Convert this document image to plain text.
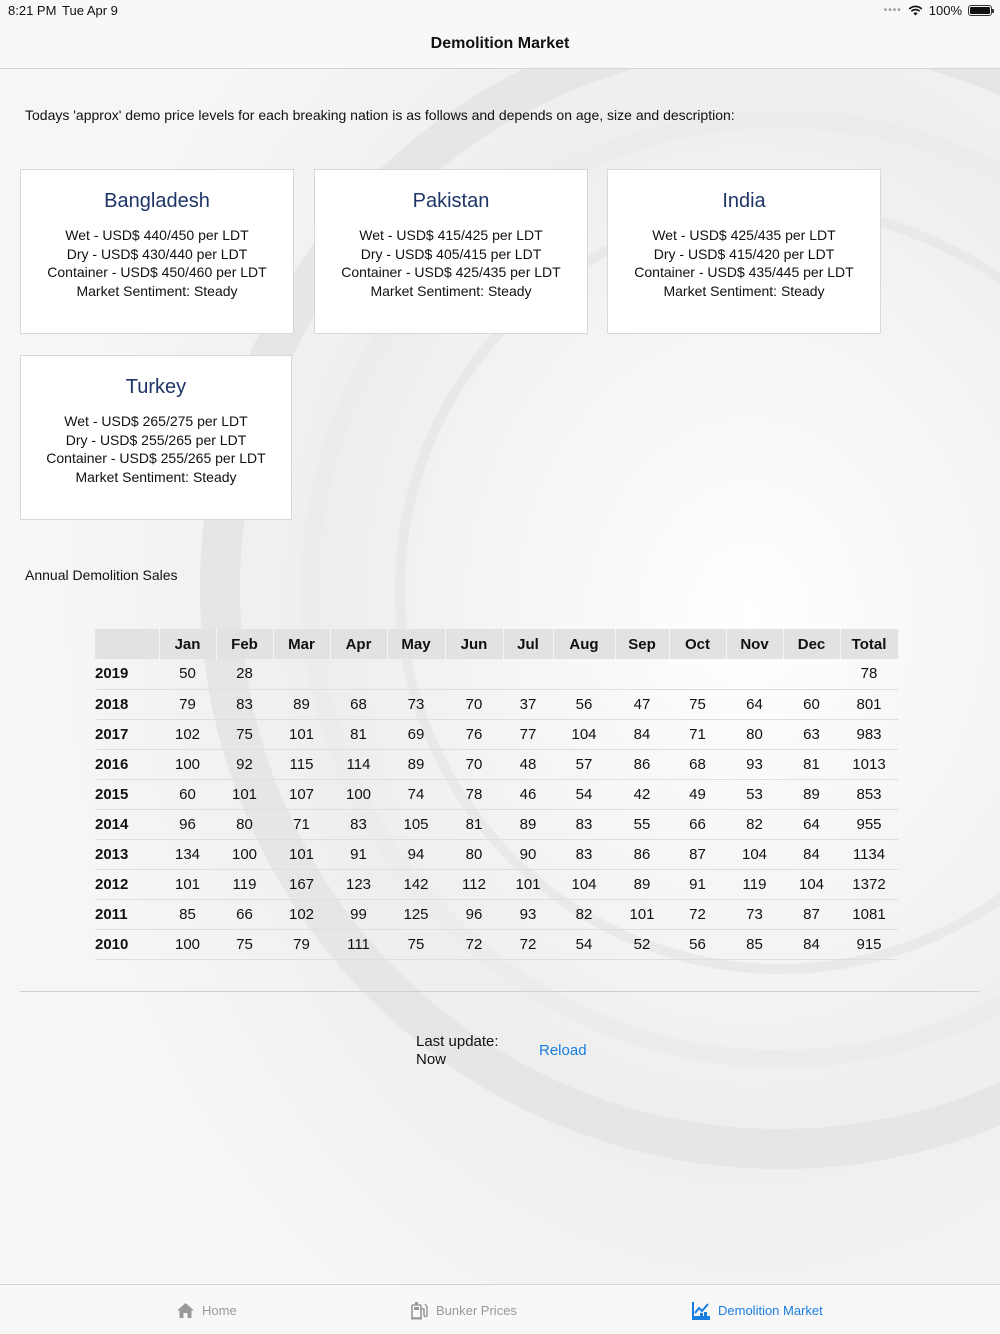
8:21 PM Tue Apr 9	•••• 100%
Demolition Market
Todays 'approx' demo price levels for each breaking nation is as follows and depends on age, size and description:
Bangladesh
Wet - USD$ 440/450 per LDT
Dry - USD$ 430/440 per LDT
Container - USD$ 450/460 per LDT
Market Sentiment: Steady
Pakistan
Wet - USD$ 415/425 per LDT
Dry - USD$ 405/415 per LDT
Container - USD$ 425/435 per LDT
Market Sentiment: Steady
India
Wet - USD$ 425/435 per LDT
Dry - USD$ 415/420 per LDT
Container - USD$ 435/445 per LDT
Market Sentiment: Steady
Turkey
Wet - USD$ 265/275 per LDT
Dry - USD$ 255/265 per LDT
Container - USD$ 255/265 per LDT
Market Sentiment: Steady
Annual Demolition Sales
	Jan	Feb	Mar	Apr	May	Jun	Jul	Aug	Sep	Oct	Nov	Dec	Total
2019	50	28											78
2018	79	83	89	68	73	70	37	56	47	75	64	60	801
2017	102	75	101	81	69	76	77	104	84	71	80	63	983
2016	100	92	115	114	89	70	48	57	86	68	93	81	1013
2015	60	101	107	100	74	78	46	54	42	49	53	89	853
2014	96	80	71	83	105	81	89	83	55	66	82	64	955
2013	134	100	101	91	94	80	90	83	86	87	104	84	1134
2012	101	119	167	123	142	112	101	104	89	91	119	104	1372
2011	85	66	102	99	125	96	93	82	101	72	73	87	1081
2010	100	75	79	111	75	72	72	54	52	56	85	84	915
Last update:
Now
Reload
Home	Bunker Prices	Demolition Market
